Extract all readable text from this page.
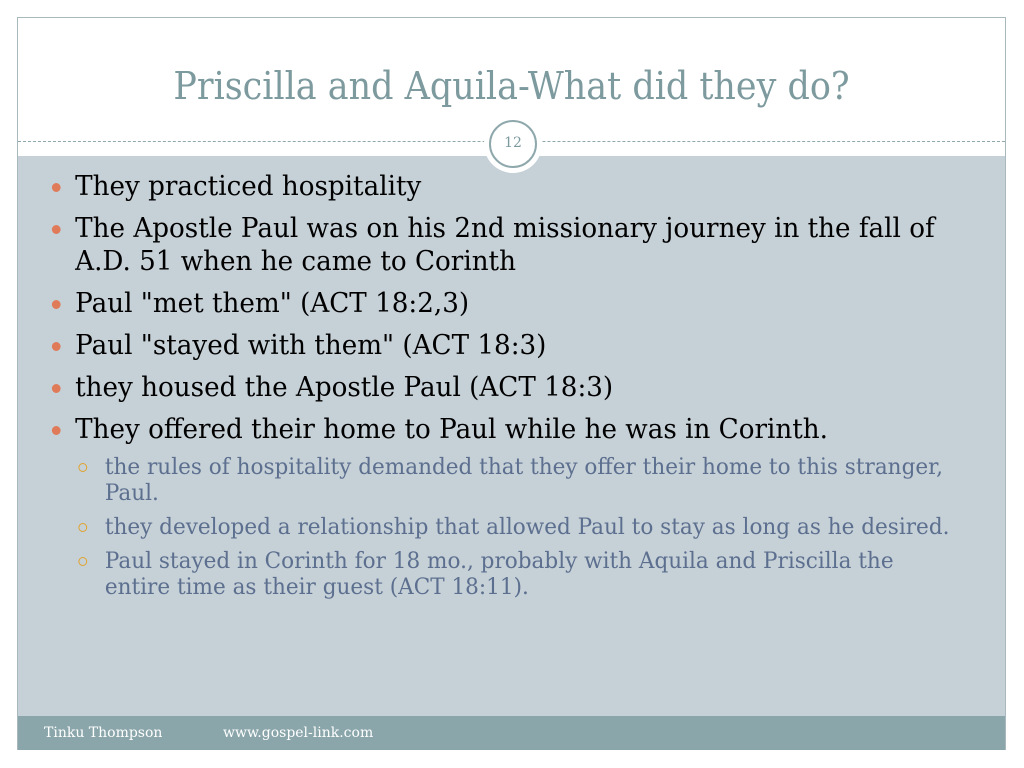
Priscilla and Aquila-What did they do?
12
They practiced hospitality
The Apostle Paul was on his 2nd missionary journey in the fall of A.D. 51 when he came to Corinth
Paul "met them" (ACT 18:2,3)
Paul "stayed with them" (ACT 18:3)
they housed the Apostle Paul (ACT 18:3)
They offered their home to Paul while he was in Corinth.
the rules of hospitality demanded that they offer their home to this stranger, Paul.
they developed a relationship that allowed Paul to stay as long as he desired.
Paul stayed in Corinth for 18 mo., probably with Aquila and Priscilla the entire time as their guest (ACT 18:11).
Tinku Thompson	www.gospel-link.com
